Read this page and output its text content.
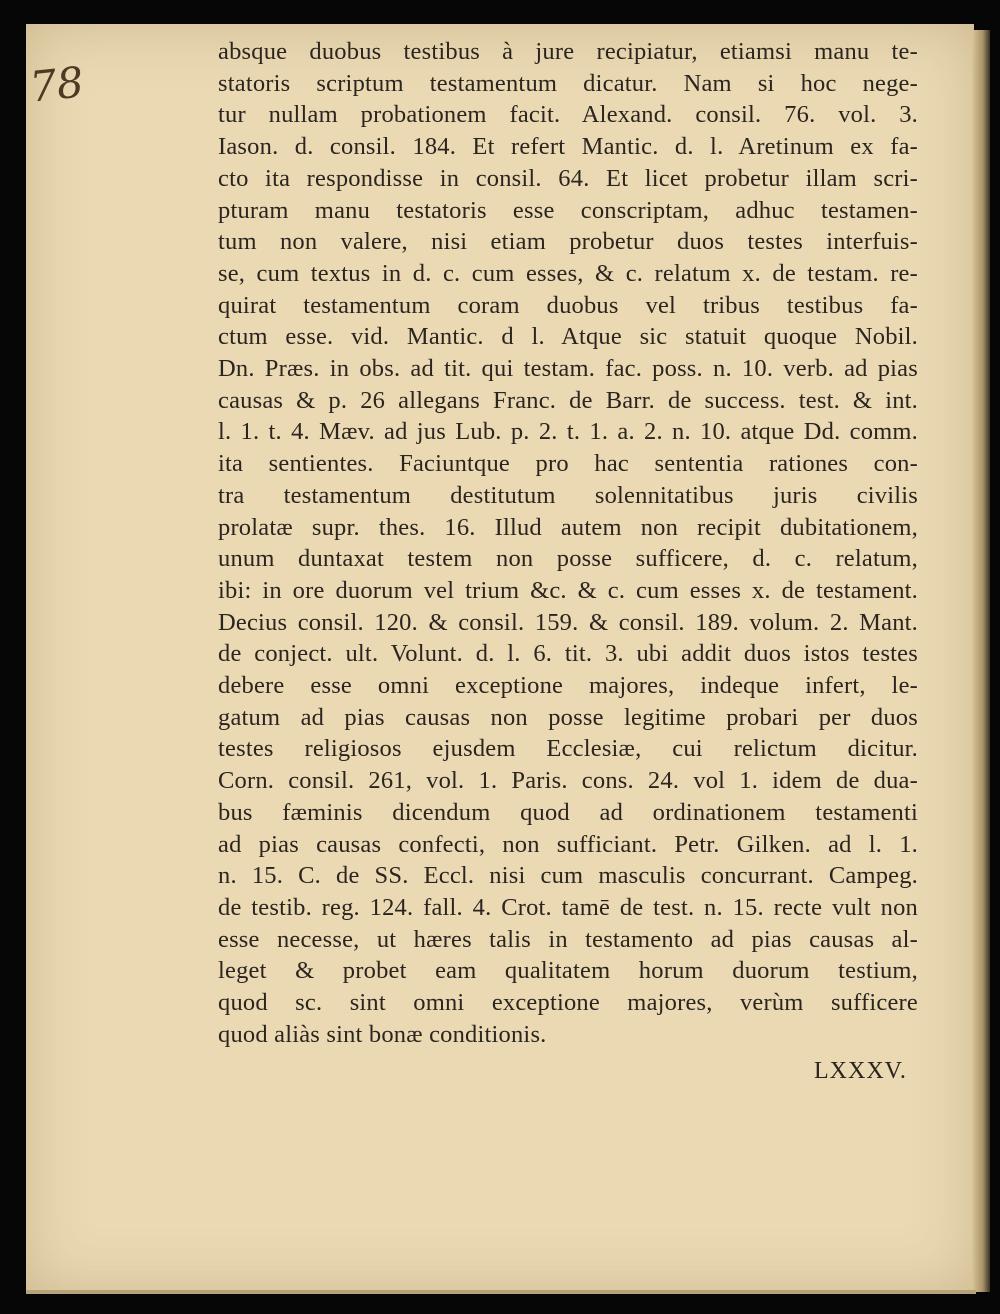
78
absque duobus testibus à jure recipiatur, etiamsi manu te-
statoris scriptum testamentum dicatur. Nam si hoc nege-
tur nullam probationem facit. Alexand. consil. 76. vol. 3.
Iason. d. consil. 184. Et refert Mantic. d. l. Aretinum ex fa-
cto ita respondisse in consil. 64. Et licet probetur illam scri-
pturam manu testatoris esse conscriptam, adhuc testamen-
tum non valere, nisi etiam probetur duos testes interfuis-
se, cum textus in d. c. cum esses, & c. relatum x. de testam. re-
quirat testamentum coram duobus vel tribus testibus fa-
ctum esse. vid. Mantic. d l. Atque sic statuit quoque Nobil.
Dn. Præs. in obs. ad tit. qui testam. fac. poss. n. 10. verb. ad pias
causas & p. 26 allegans Franc. de Barr. de success. test. & int.
l. 1. t. 4. Mæv. ad jus Lub. p. 2. t. 1. a. 2. n. 10. atque Dd. comm.
ita sentientes. Faciuntque pro hac sententia rationes con-
tra testamentum destitutum solennitatibus juris civilis
prolatæ supr. thes. 16. Illud autem non recipit dubitationem,
unum duntaxat testem non posse sufficere, d. c. relatum,
ibi: in ore duorum vel trium &c. & c. cum esses x. de testament.
Decius consil. 120. & consil. 159. & consil. 189. volum. 2. Mant.
de conject. ult. Volunt. d. l. 6. tit. 3. ubi addit duos istos testes
debere esse omni exceptione majores, indeque infert, le-
gatum ad pias causas non posse legitime probari per duos
testes religiosos ejusdem Ecclesiæ, cui relictum dicitur.
Corn. consil. 261, vol. 1. Paris. cons. 24. vol 1. idem de dua-
bus fæminis dicendum quod ad ordinationem testamenti
ad pias causas confecti, non sufficiant. Petr. Gilken. ad l. 1.
n. 15. C. de SS. Eccl. nisi cum masculis concurrant. Campeg.
de testib. reg. 124. fall. 4. Crot. tamē de test. n. 15. recte vult non
esse necesse, ut hæres talis in testamento ad pias causas al-
leget & probet eam qualitatem horum duorum testium,
quod sc. sint omni exceptione majores, verùm sufficere
quod aliàs sint bonæ conditionis.
LXXXV.
